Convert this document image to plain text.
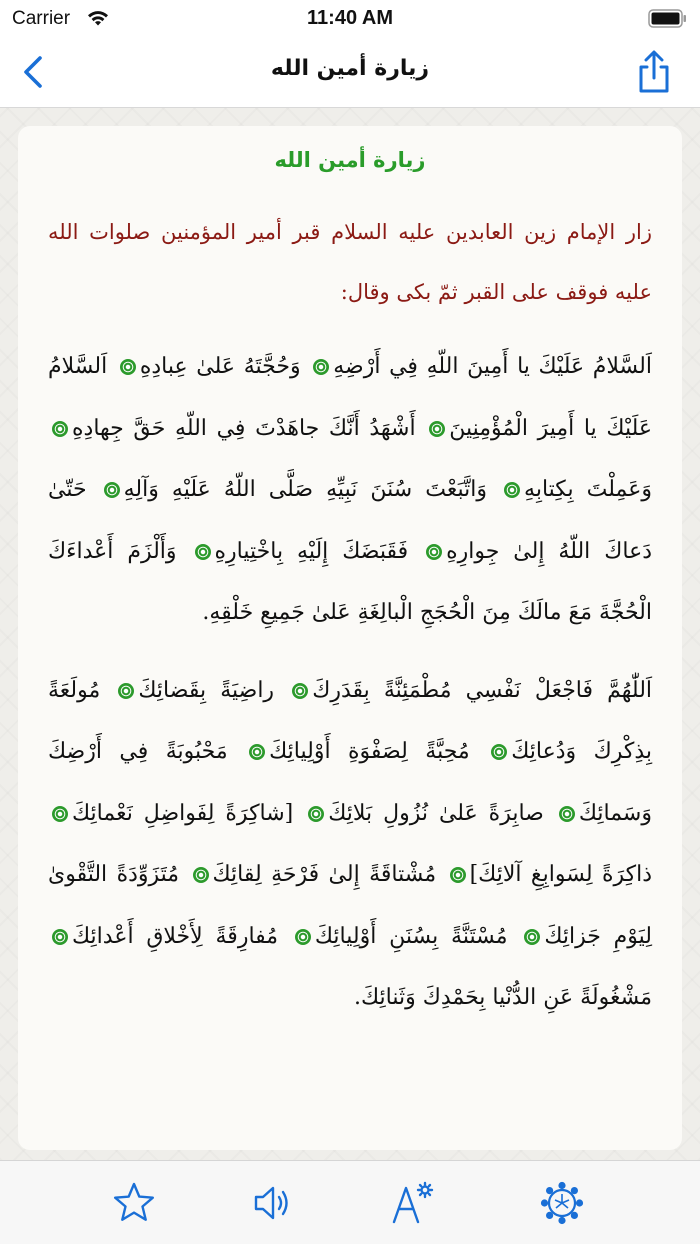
Carrier	11:40 AM
زيارة أمين الله
زيارة أمين الله
زار الإمام زين العابدين عليه السلام قبر أمير المؤمنين صلوات الله عليه فوقف على القبر ثمّ بكى وقال:

اَلسَّلامُ عَلَيْكَ يا أَمِينَ اللّهِ فِي أَرْضِهِ وَحُجَّتَهُ عَلىٰ عِبادِهِ اَلسَّلامُ عَلَيْكَ يا أَمِيرَ الْمُؤْمِنِينَ أَشْهَدُ أَنَّكَ جاهَدْتَ فِي اللّهِ حَقَّ جِهادِهِ وَعَمِلْتَ بِكِتابِهِ وَاتَّبَعْتَ سُنَنَ نَبِيِّهِ صَلَّى اللّهُ عَلَيْهِ وَآلِهِ حَتّىٰ دَعاكَ اللّهُ إِلىٰ جِوارِهِ فَقَبَضَكَ إِلَيْهِ بِاخْتِيارِهِ وَأَلْزَمَ أَعْداءَكَ الْحُجَّةَ مَعَ مالَكَ مِنَ الْحُجَجِ الْبالِغَةِ عَلىٰ جَمِيعِ خَلْقِهِ.

اَللّٰهُمَّ فَاجْعَلْ نَفْسِي مُطْمَئِنَّةً بِقَدَرِكَ راضِيَةً بِقَضائِكَ مُولَعَةً بِذِكْرِكَ وَدُعائِكَ مُحِبَّةً لِصَفْوَةِ أَوْلِيائِكَ مَحْبُوبَةً فِي أَرْضِكَ وَسَمائِكَ صابِرَةً عَلىٰ نُزُولِ بَلائِكَ [شاكِرَةً لِفَواضِلِ نَعْمائِكَ ذاكِرَةً لِسَوابِغِ آلائِكَ] مُشْتاقَةً إِلىٰ فَرْحَةِ لِقائِكَ مُتَزَوِّدَةً التَّقْوىٰ لِيَوْمِ جَزائِكَ مُسْتَنَّةً بِسُنَنِ أَوْلِيائِكَ مُفارِقَةً لِأَخْلاقِ أَعْدائِكَ مَشْغُولَةً عَنِ الدُّنْيا بِحَمْدِكَ وَثَنائِكَ.
